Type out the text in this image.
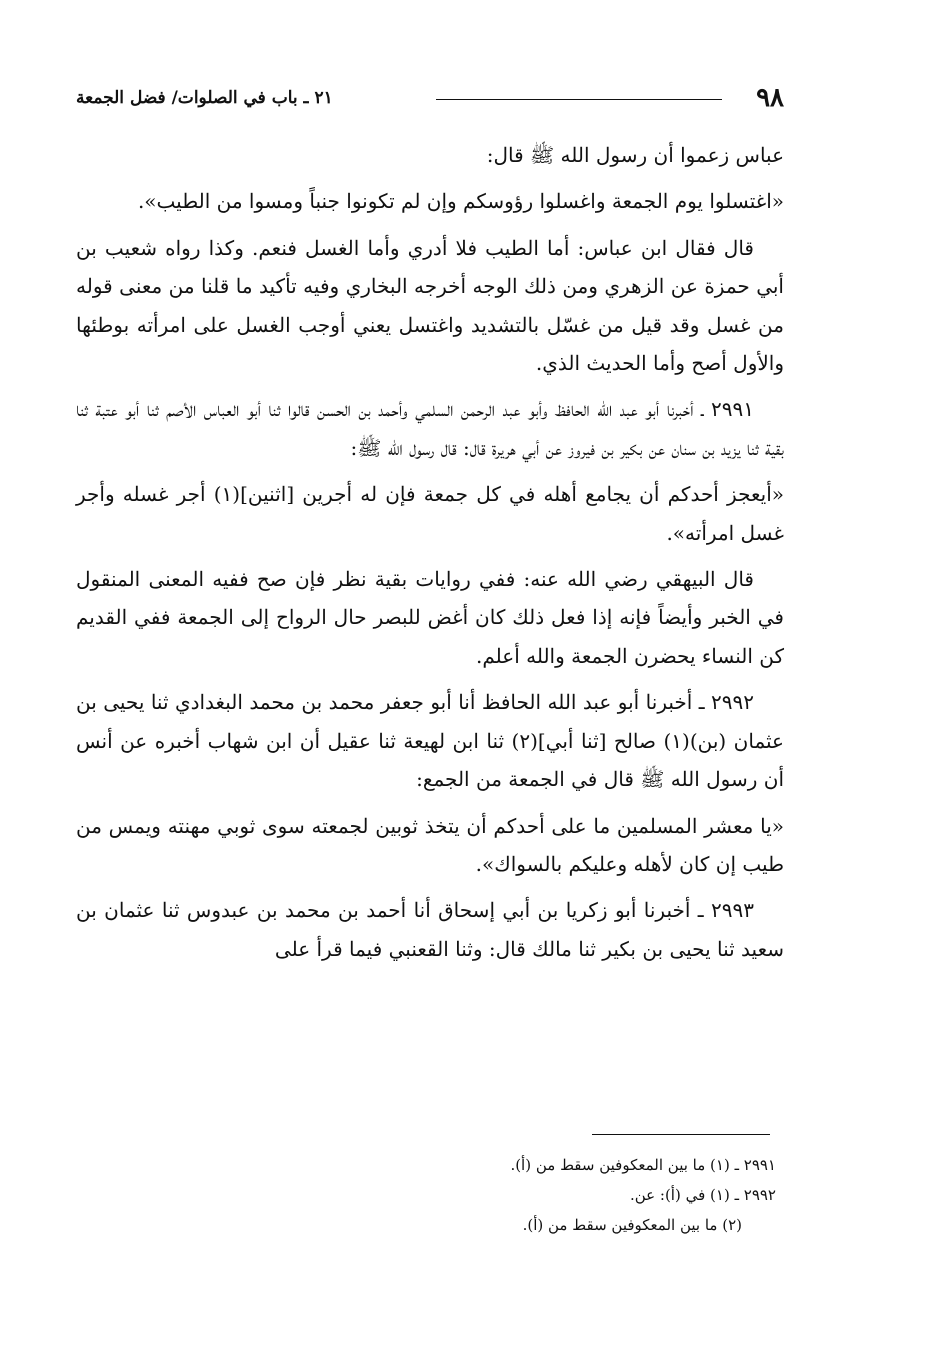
٩٨
٢١ ـ باب في الصلوات/ فضل الجمعة

عباس زعموا أن رسول الله ﷺ قال:

«اغتسلوا يوم الجمعة واغسلوا رؤوسكم وإن لم تكونوا جنباً ومسوا من الطيب».

قال فقال ابن عباس: أما الطيب فلا أدري وأما الغسل فنعم. وكذا رواه شعيب بن أبي حمزة عن الزهري ومن ذلك الوجه أخرجه البخاري وفيه تأكيد ما قلنا من معنى قوله من غسل وقد قيل من غسّل بالتشديد واغتسل يعني أوجب الغسل على امرأته بوطئها والأول أصح وأما الحديث الذي.

٢٩٩١ ـ أخبرنا أبو عبد الله الحافظ وأبو عبد الرحمن السلمي وأحمد بن الحسن قالوا ثنا أبو العباس الأصم ثنا أبو عتبة ثنا بقية ثنا يزيد بن سنان عن بكير بن فيروز عن أبي هريرة قال: قال رسول الله ﷺ:

«أيعجز أحدكم أن يجامع أهله في كل جمعة فإن له أجرين [اثنين](١) أجر غسله وأجر غسل امرأته».

قال البيهقي رضي الله عنه: ففي روايات بقية نظر فإن صح ففيه المعنى المنقول في الخبر وأيضاً فإنه إذا فعل ذلك كان أغض للبصر حال الرواح إلى الجمعة ففي القديم كن النساء يحضرن الجمعة والله أعلم.

٢٩٩٢ ـ أخبرنا أبو عبد الله الحافظ أنا أبو جعفر محمد بن محمد البغدادي ثنا يحيى بن عثمان (بن)(١) صالح [ثنا أبي](٢) ثنا ابن لهيعة ثنا عقيل أن ابن شهاب أخبره عن أنس أن رسول الله ﷺ قال في الجمعة من الجمع:

«يا معشر المسلمين ما على أحدكم أن يتخذ ثوبين لجمعته سوى ثوبي مهنته ويمس من طيب إن كان لأهله وعليكم بالسواك».

٢٩٩٣ ـ أخبرنا أبو زكريا بن أبي إسحاق أنا أحمد بن محمد بن عبدوس ثنا عثمان بن سعيد ثنا يحيى بن بكير ثنا مالك قال: وثنا القعنبي فيما قرأ على

٢٩٩١ ـ (١) ما بين المعكوفين سقط من (أ).
٢٩٩٢ ـ (١) في (أ): عن.
(٢) ما بين المعكوفين سقط من (أ).
